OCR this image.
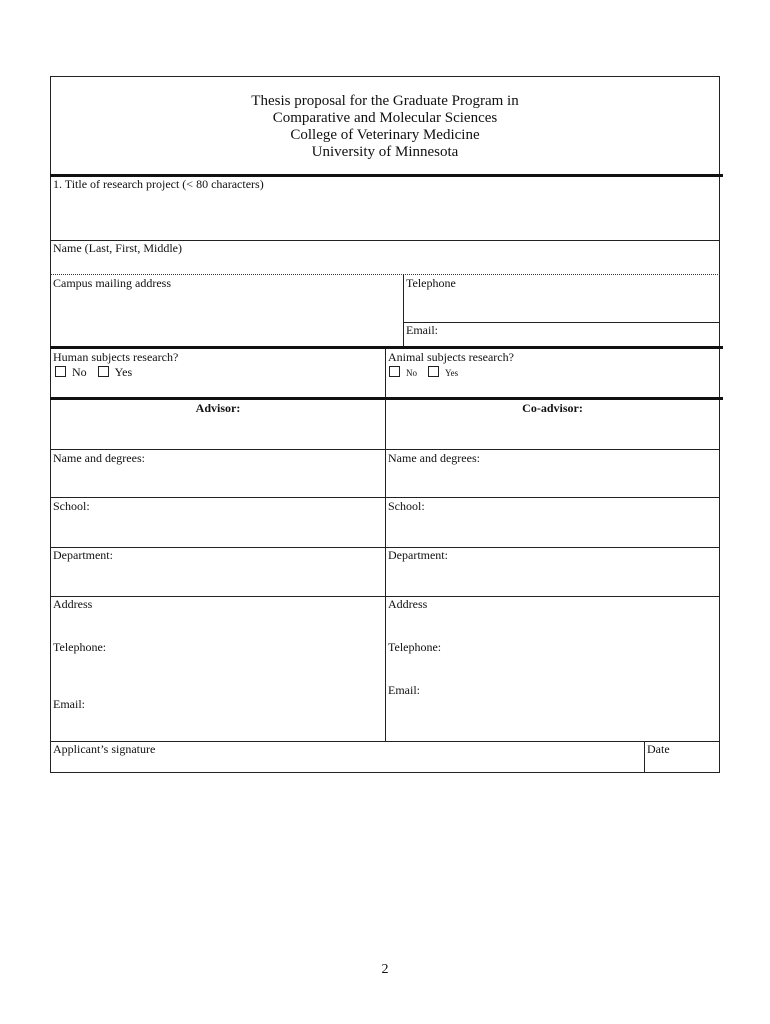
Thesis proposal for the Graduate Program in
Comparative and Molecular Sciences
College of Veterinary Medicine
University of Minnesota
1. Title of research project (< 80 characters)
Name (Last, First, Middle)
Campus mailing address	Telephone
Email:
Human subjects research?
No Yes
Animal subjects research?
No	Yes
Advisor:	Co-advisor:
Name and degrees:	Name and degrees:
School:	School:
Department:	Department:
Address	Address
Telephone:	Telephone:
Email:
Email:
Applicant’s signature	Date
2
